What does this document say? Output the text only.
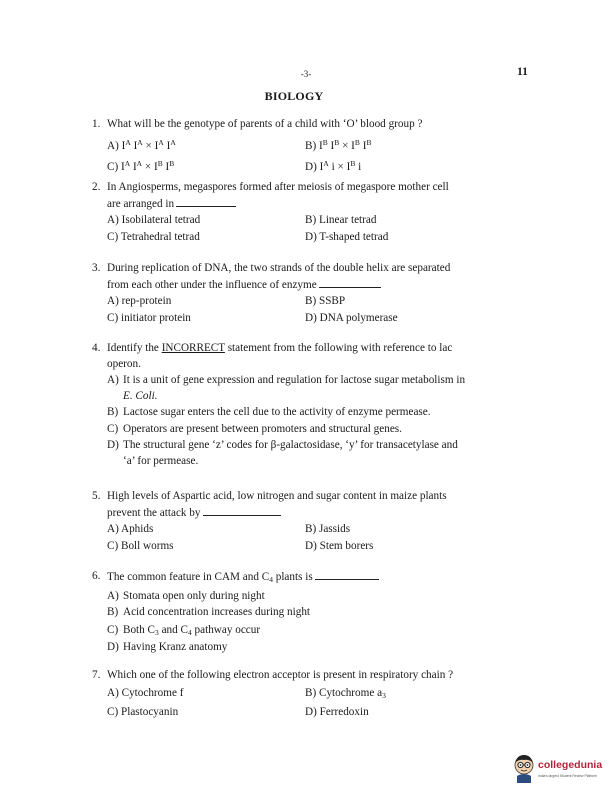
-3-	11
BIOLOGY
1. What will be the genotype of parents of a child with ‘O’ blood group ?
A) $I^A$ $I^A \times I^A$ $I^A$	B) $I^B$ $I^B \times I^B$ $I^B$
C) $I^A$ $I^A \times I^B$ $I^B$	D) $I^A$ $i \times I^B$ i
2. In Angiosperms, megaspores formed after meiosis of megaspore mother cell
are arranged in
A) Isobilateral tetrad	B) Linear tetrad
C) Tetrahedral tetrad	D) T-shaped tetrad
3. During replication of DNA, the two strands of the double helix are separated
from each other under the influence of enzyme
A) rep-protein	B) SSBP
C) initiator protein	D) DNA polymerase
4. Identify the INCORRECT statement from the following with reference to lac
operon.
A) It is a unit of gene expression and regulation for lactose sugar metabolism in
E. Coli.
B) Lactose sugar enters the cell due to the activity of enzyme permease.
C) Operators are present between promoters and structural genes.
D) The structural gene ‘z’ codes for β-galactosidase, ‘y’ for transacetylase and
‘a’ for permease.
5. High levels of Aspartic acid, low nitrogen and sugar content in maize plants
prevent the attack by
A) Aphids	B) Jassids
C) Boll worms	D) Stem borers
6. The common feature in CAM and $C_4$ plants is
A) Stomata open only during night
B) Acid concentration increases during night
C) Both $C_3$ and $C_4$ pathway occur
D) Having Kranz anatomy
7. Which one of the following electron acceptor is present in respiratory chain ?
A) Cytochrome f	B) Cytochrome $a_3$
C) Plastocyanin	D) Ferredoxin
collegedunia
India's largest Student Review Platform
